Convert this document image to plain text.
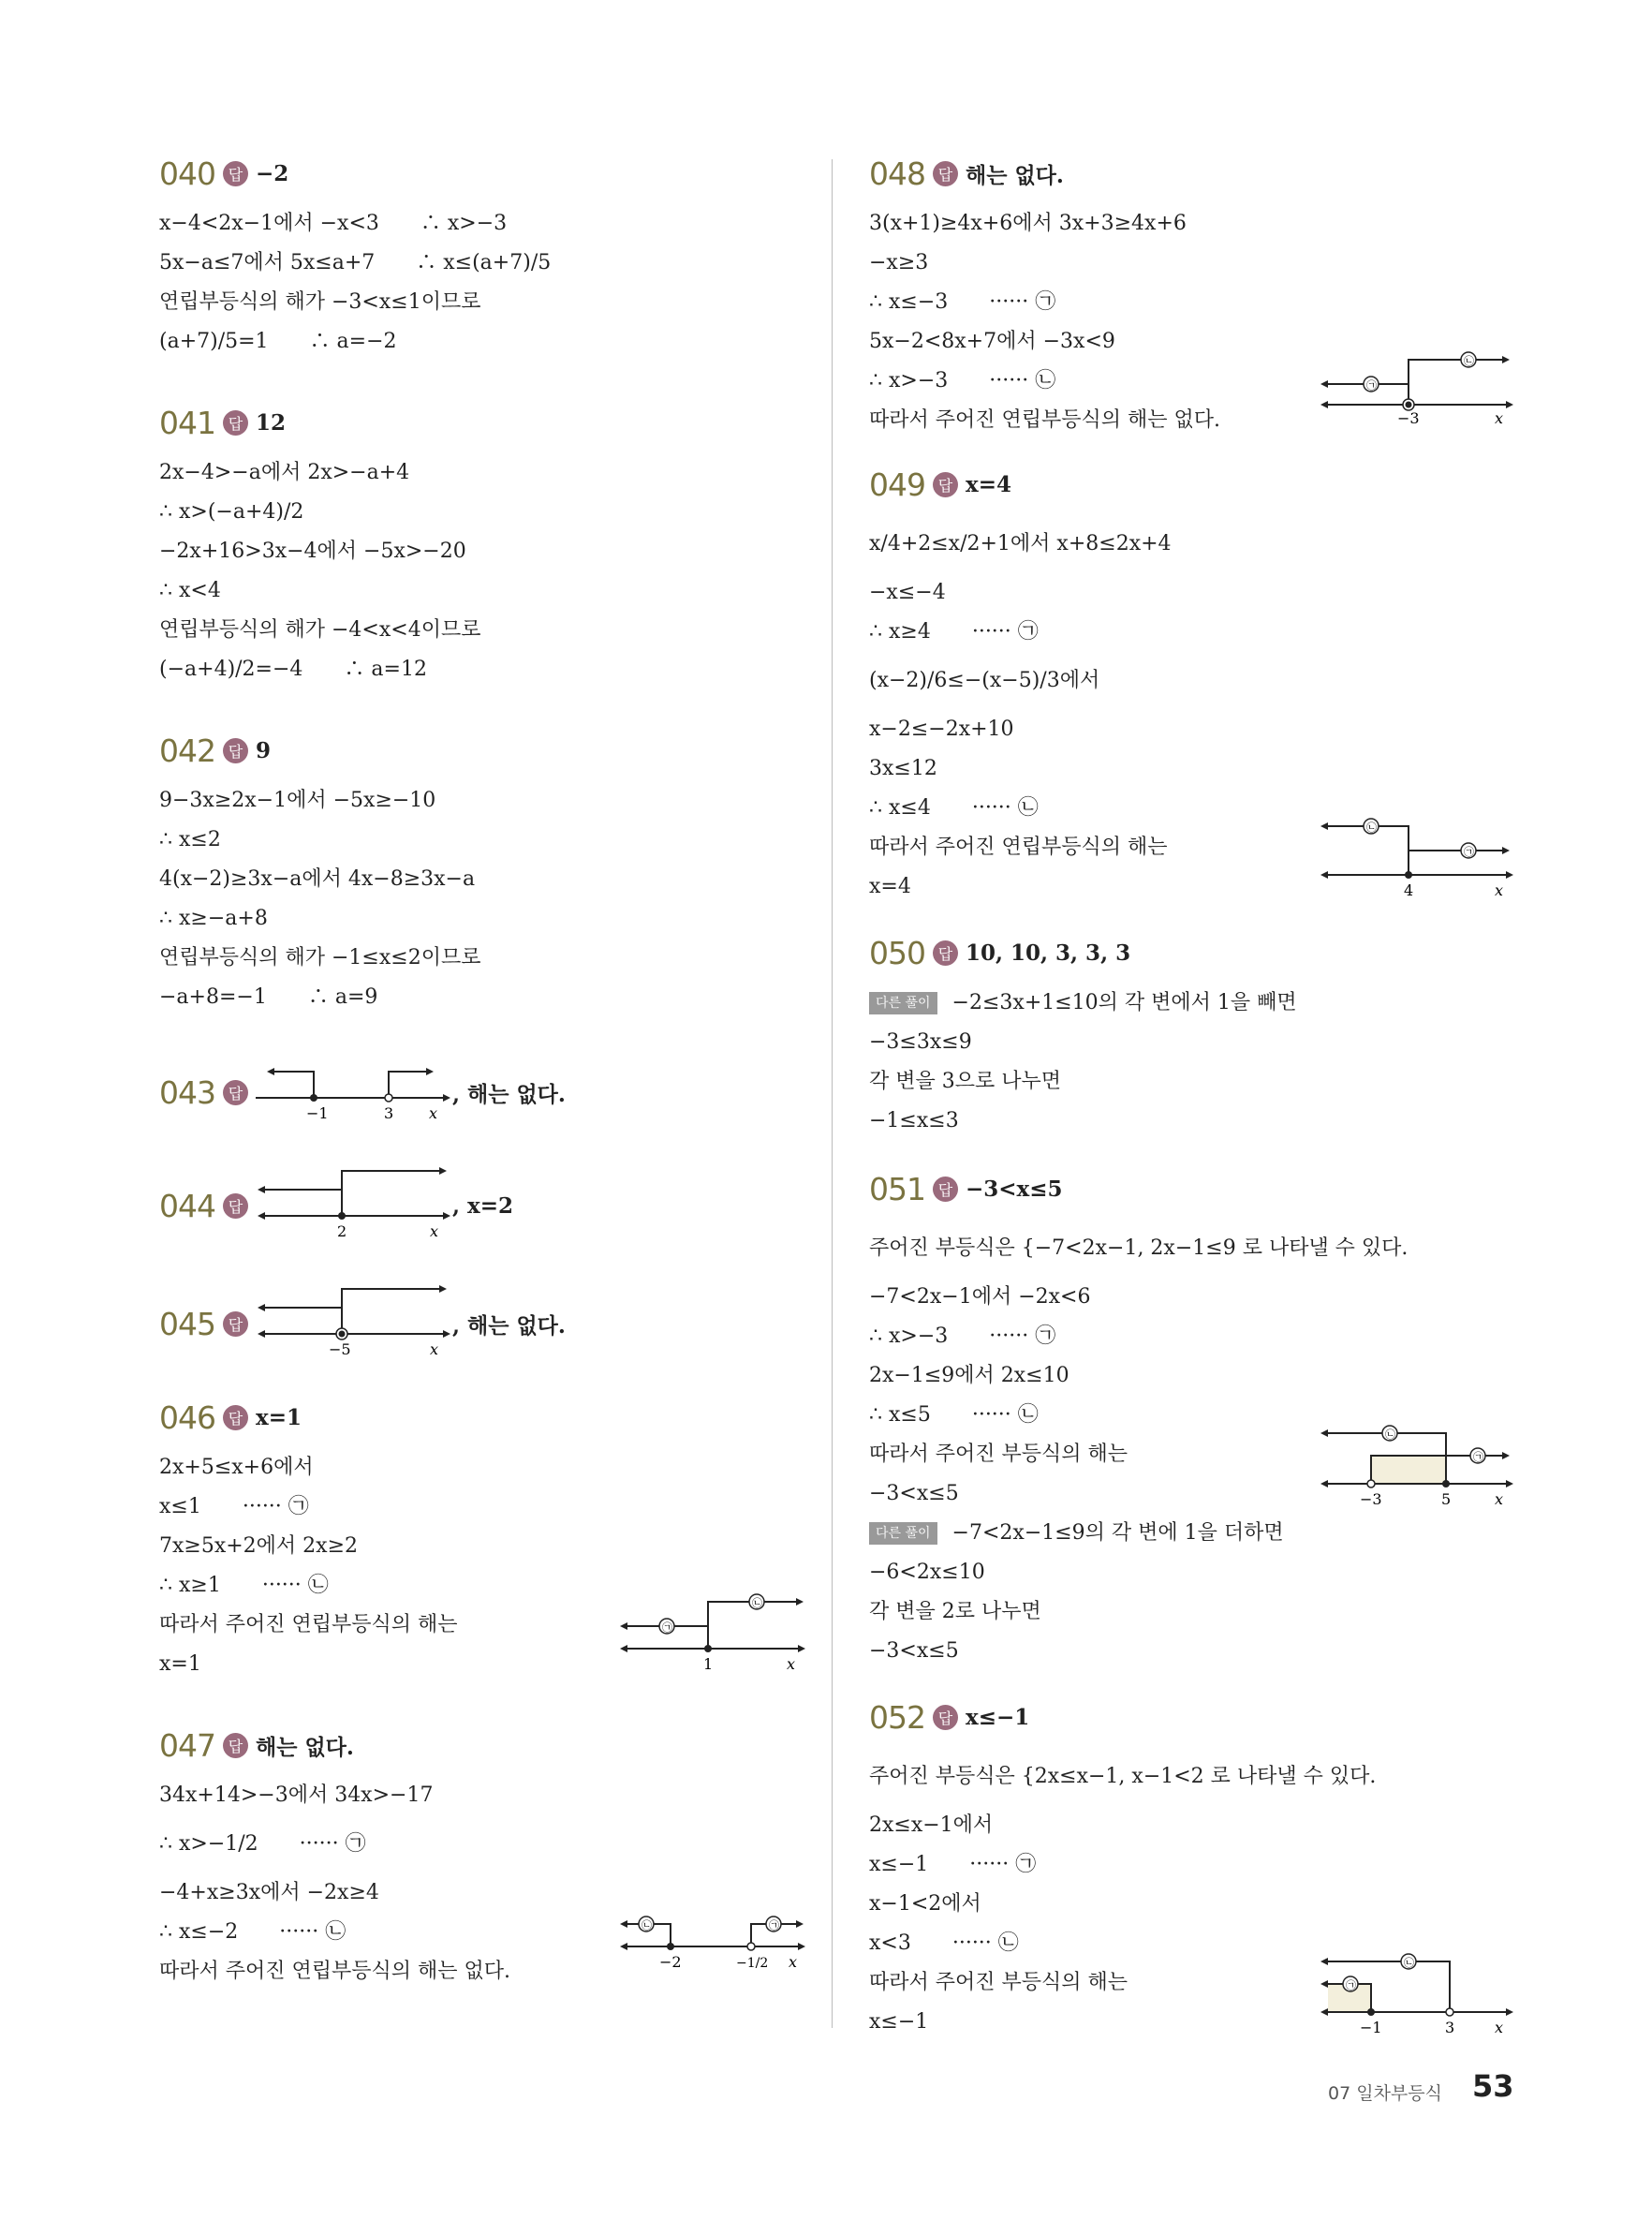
040 답 −2
x−4<2x−1에서 −x<3　　∴ x>−3
5x−a≤7에서 5x≤a+7　　∴ x≤(a+7)/5
연립부등식의 해가 −3<x≤1이므로
(a+7)/5=1　　∴ a=−2
041 답 12
2x−4>−a에서 2x>−a+4
∴ x>(−a+4)/2
−2x+16>3x−4에서 −5x>−20
∴ x<4
연립부등식의 해가 −4<x<4이므로
(−a+4)/2=−4　　∴ a=12
042 답 9
9−3x≥2x−1에서 −5x≥−10
∴ x≤2
4(x−2)≥3x−a에서 4x−8≥3x−a
∴ x≥−a+8
연립부등식의 해가 −1≤x≤2이므로
−a+8=−1　　∴ a=9
043 답
−1	3 x
, 해는 없다.
044 답
2	x
, x=2
045 답
−5	x
, 해는 없다.
046 답 x=1
2x+5≤x+6에서
x≤1　　······ ㉠
7x≥5x+2에서 2x≥2
∴ x≥1　　······ ㉡
따라서 주어진 연립부등식의 해는
x=1
㉠
㉡
1	x
047 답 해는 없다.
34x+14>−3에서 34x>−17
∴ x>−1/2　　······ ㉠
−4+x≥3x에서 −2x≥4
∴ x≤−2　　······ ㉡
따라서 주어진 연립부등식의 해는 없다.
㉡	㉠
−2	−1/2 x
048 답 해는 없다.
3(x+1)≥4x+6에서 3x+3≥4x+6
−x≥3
∴ x≤−3　　······ ㉠
5x−2<8x+7에서 −3x<9
∴ x>−3　　······ ㉡
따라서 주어진 연립부등식의 해는 없다.
㉠
㉡
−3	x
049 답 x=4
x/4+2≤x/2+1에서 x+8≤2x+4
−x≤−4
∴ x≥4　　······ ㉠
(x−2)/6≤−(x−5)/3에서
x−2≤−2x+10
3x≤12
∴ x≤4　　······ ㉡
따라서 주어진 연립부등식의 해는
x=4
㉡
㉠
4	x
050 답 10, 10, 3, 3, 3
다른 풀이 −2≤3x+1≤10의 각 변에서 1을 빼면
−3≤3x≤9
각 변을 3으로 나누면
−1≤x≤3
051 답 −3<x≤5
주어진 부등식은 {−7<2x−1, 2x−1≤9 로 나타낼 수 있다.
−7<2x−1에서 −2x<6
∴ x>−3　　······ ㉠
2x−1≤9에서 2x≤10
∴ x≤5　　······ ㉡
따라서 주어진 부등식의 해는
−3<x≤5
㉡
㉠
−3	5	x
다른 풀이 −7<2x−1≤9의 각 변에 1을 더하면
−6<2x≤10
각 변을 2로 나누면
−3<x≤5
052 답 x≤−1
주어진 부등식은 {2x≤x−1, x−1<2 로 나타낼 수 있다.
2x≤x−1에서
x≤−1　　······ ㉠
x−1<2에서
x<3　　······ ㉡
따라서 주어진 부등식의 해는
x≤−1
㉡
㉠
−1	3	x
07 일차부등식 53
